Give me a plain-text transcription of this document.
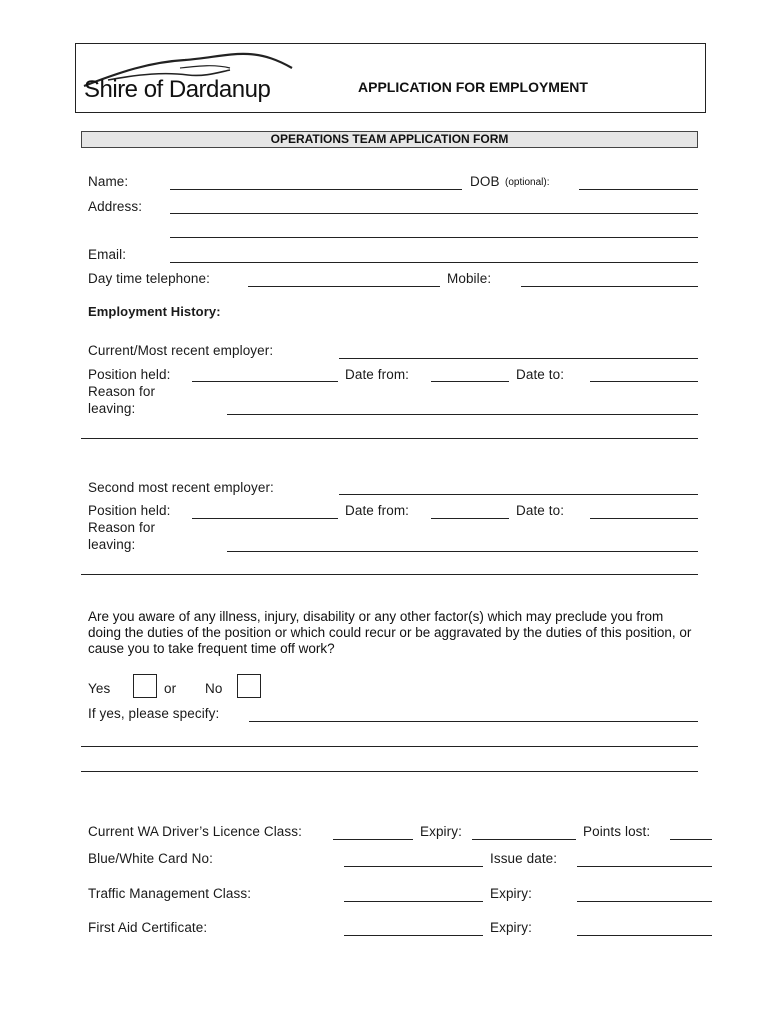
Shire of Dardanup	APPLICATION FOR EMPLOYMENT
OPERATIONS TEAM APPLICATION FORM
Name:	DOB (optional):
Address:
Email:
Day time telephone:	Mobile:
Employment History:
Current/Most recent employer:
Position held:	Date from:	Date to:
Reason for
leaving:
Second most recent employer:
Position held:	Date from:	Date to:
Reason for
leaving:
Are you aware of any illness, injury, disability or any other factor(s) which may preclude you from doing the duties of the position or which could recur or be aggravated by the duties of this position, or cause you to take frequent time off work?
Yes	or No
If yes, please specify:
Current WA Driver’s Licence Class:	Expiry:	Points lost:
Blue/White Card No:	Issue date:
Traffic Management Class:	Expiry:
First Aid Certificate:	Expiry:
